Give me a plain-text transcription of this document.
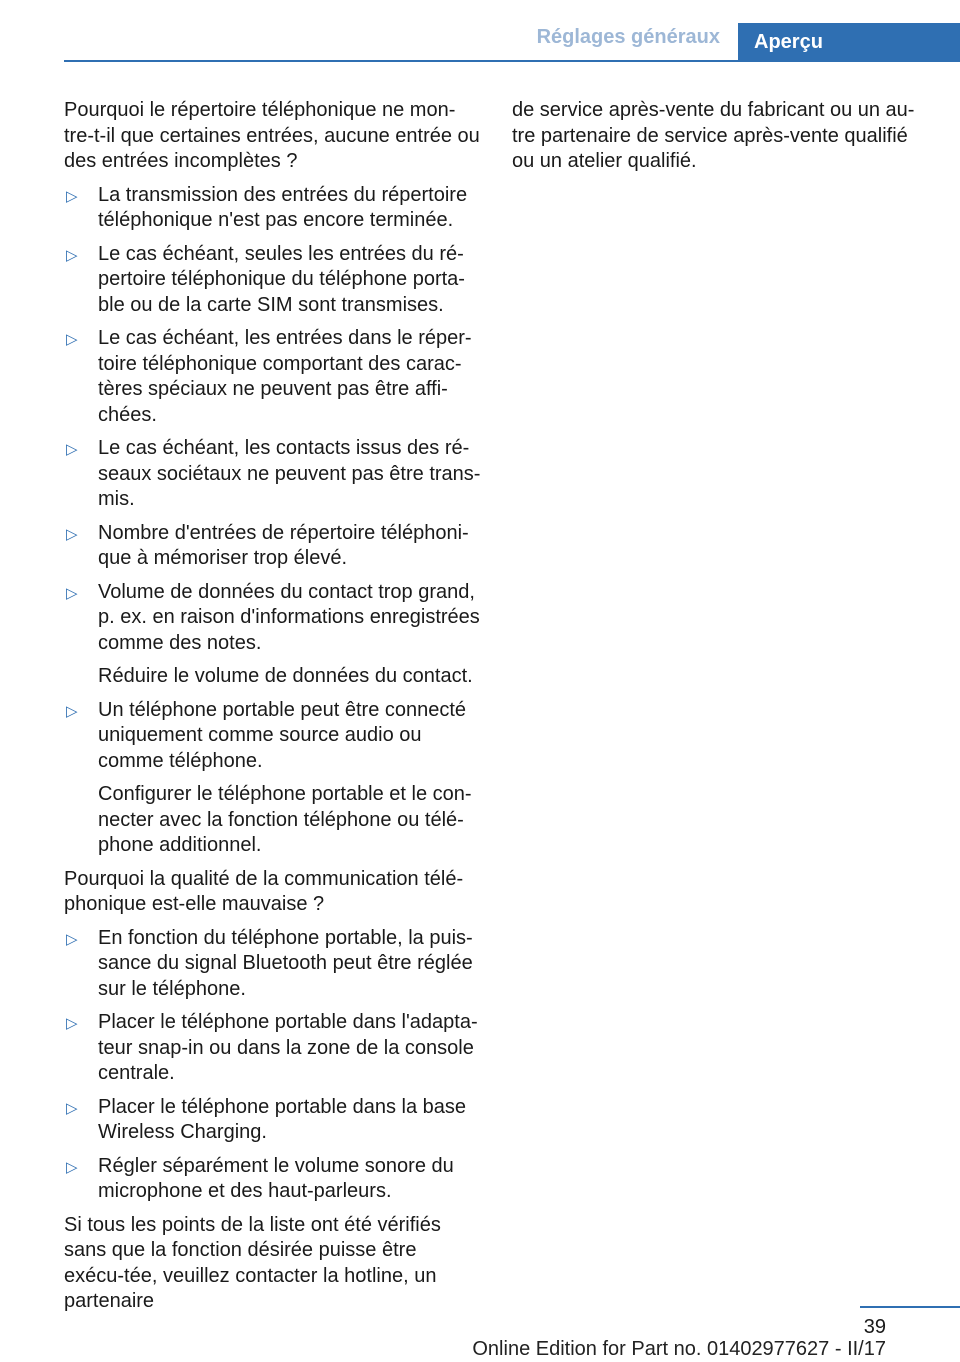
Réglages généraux Aperçu

Pourquoi le répertoire téléphonique ne mon-tre-t-il que certaines entrées, aucune entrée ou des entrées incomplètes ?

▷ La transmission des entrées du répertoire téléphonique n'est pas encore terminée.
▷ Le cas échéant, seules les entrées du ré-pertoire téléphonique du téléphone porta-ble ou de la carte SIM sont transmises.
▷ Le cas échéant, les entrées dans le réper-toire téléphonique comportant des carac-tères spéciaux ne peuvent pas être affi-chées.
▷ Le cas échéant, les contacts issus des ré-seaux sociétaux ne peuvent pas être trans-mis.
▷ Nombre d'entrées de répertoire téléphoni-que à mémoriser trop élevé.
▷ Volume de données du contact trop grand, p. ex. en raison d'informations enregistrées comme des notes.
Réduire le volume de données du contact.
▷ Un téléphone portable peut être connecté uniquement comme source audio ou comme téléphone.
Configurer le téléphone portable et le con-necter avec la fonction téléphone ou télé-phone additionnel.

Pourquoi la qualité de la communication télé-phonique est-elle mauvaise ?

▷ En fonction du téléphone portable, la puis-sance du signal Bluetooth peut être réglée sur le téléphone.
▷ Placer le téléphone portable dans l'adapta-teur snap-in ou dans la zone de la console centrale.
▷ Placer le téléphone portable dans la base Wireless Charging.
▷ Régler séparément le volume sonore du microphone et des haut-parleurs.

Si tous les points de la liste ont été vérifiés sans que la fonction désirée puisse être exécu-tée, veuillez contacter la hotline, un partenaire

de service après-vente du fabricant ou un au-tre partenaire de service après-vente qualifié ou un atelier qualifié.

39
Online Edition for Part no. 01402977627 - II/17
